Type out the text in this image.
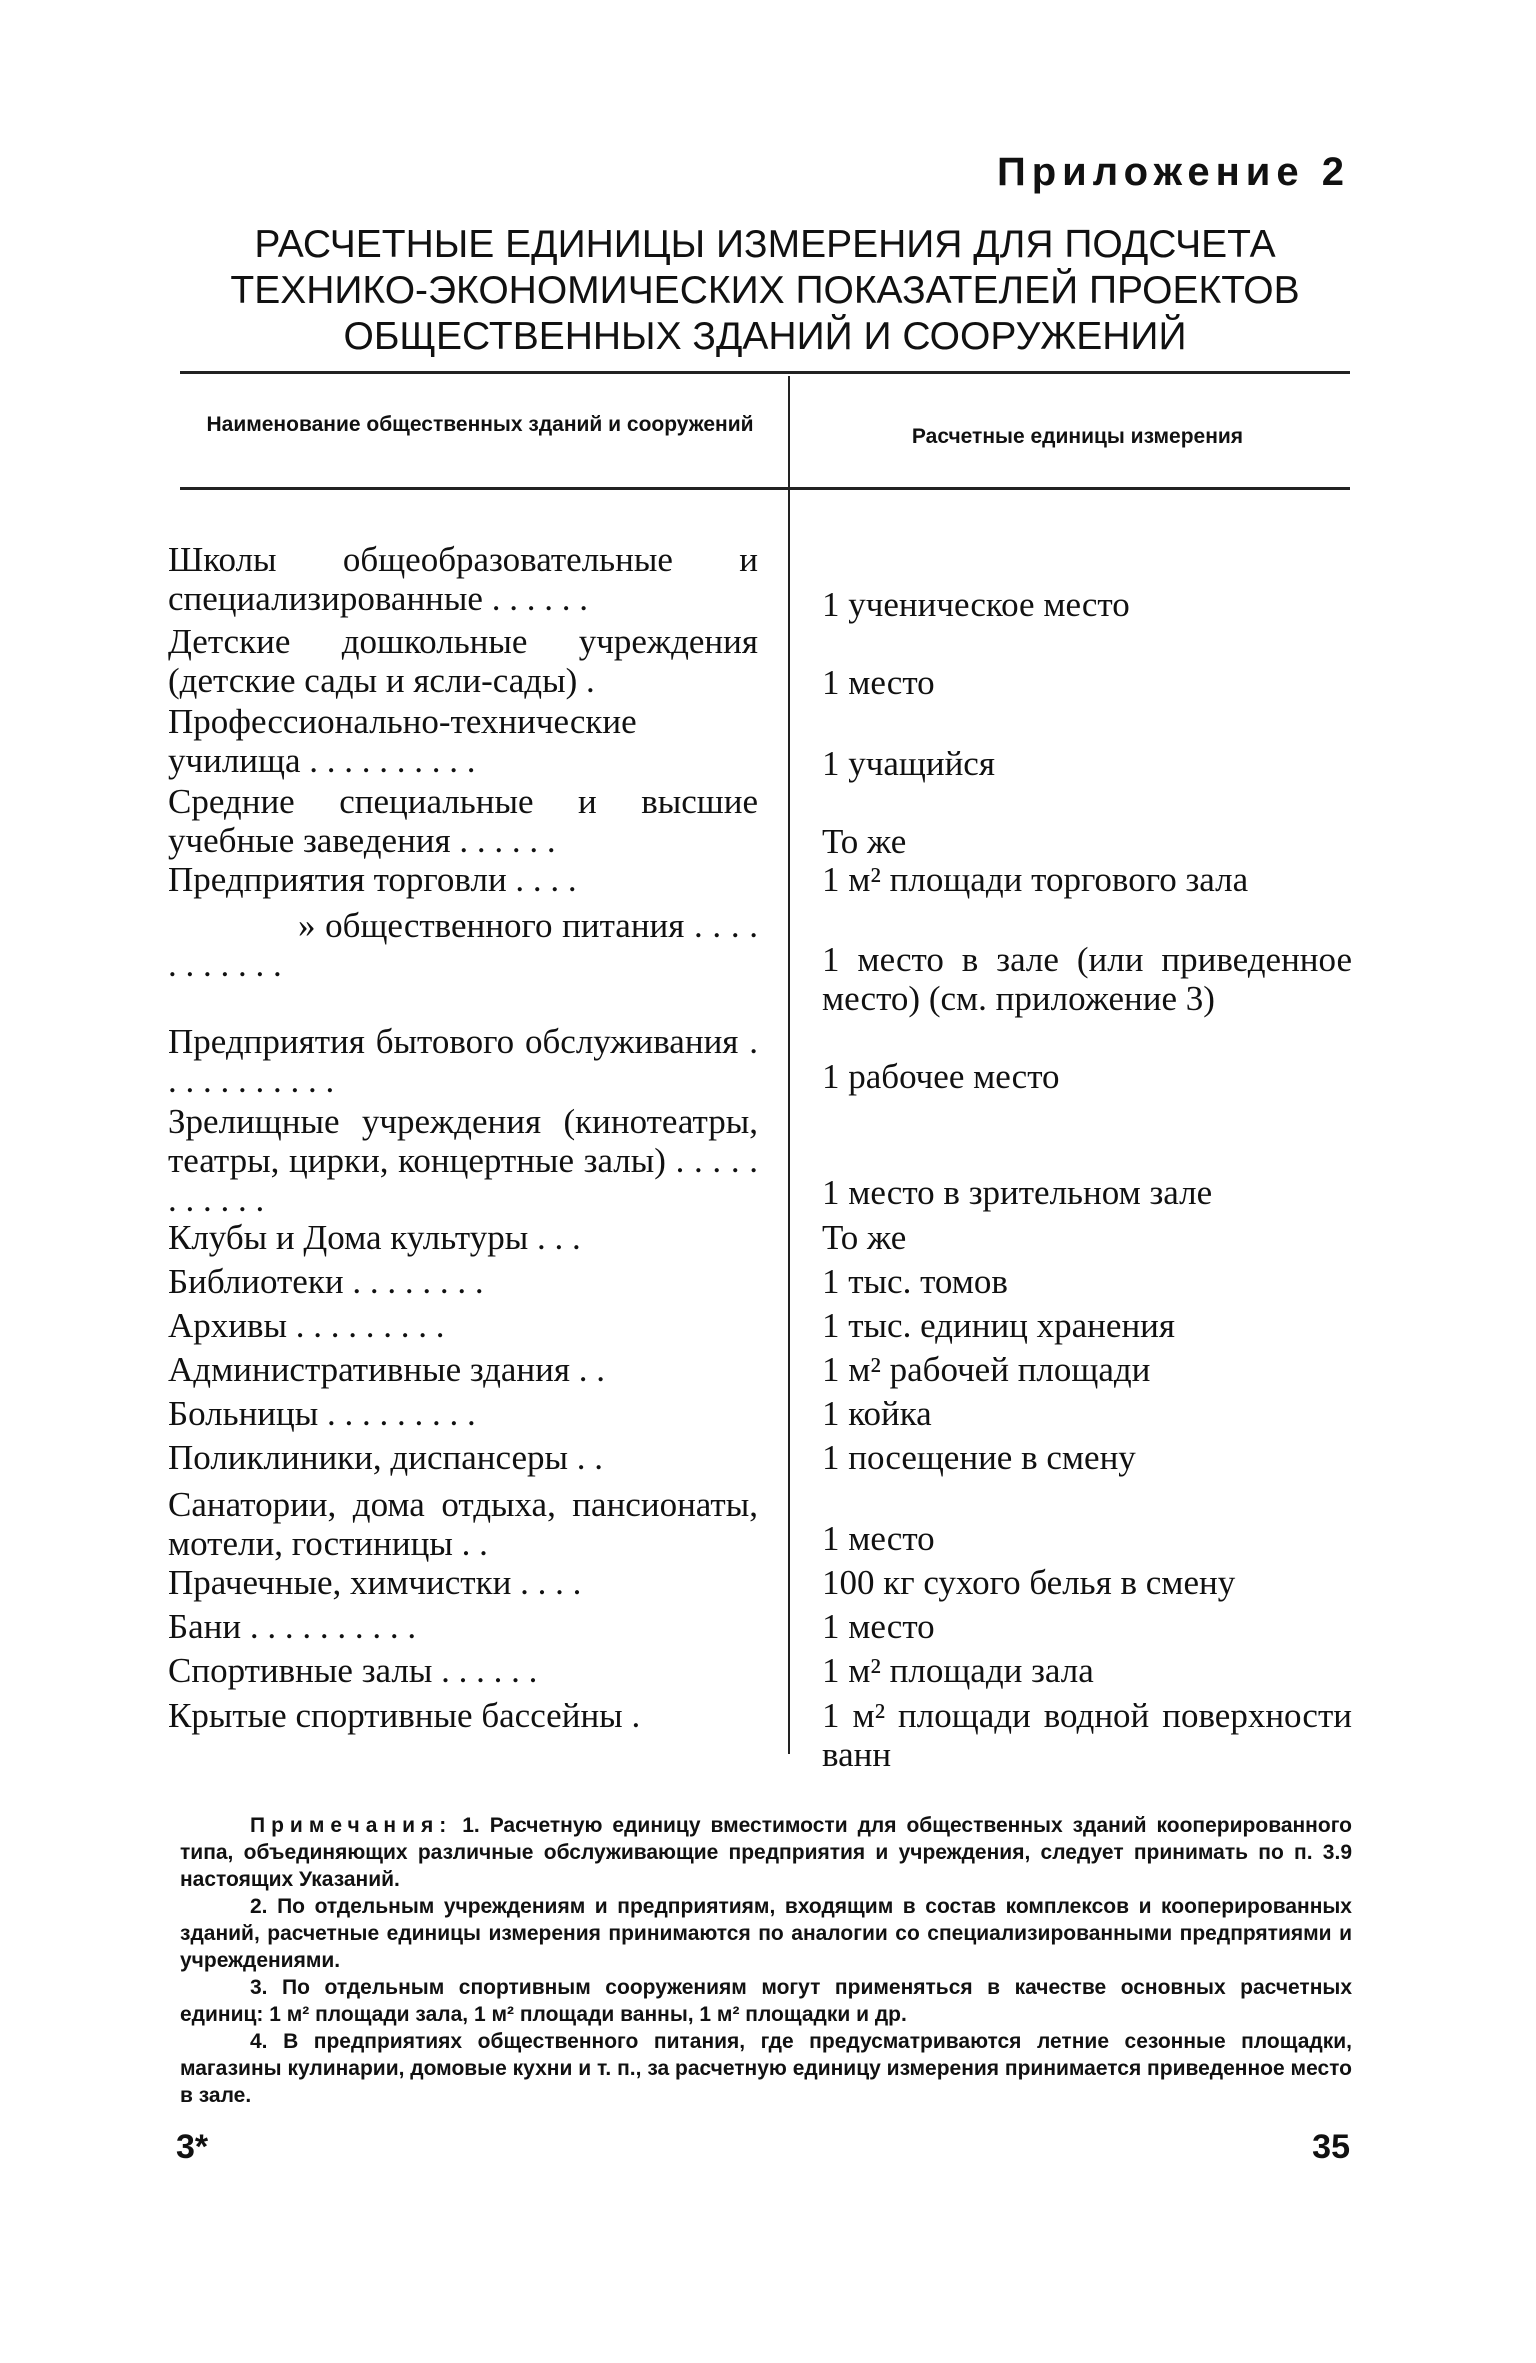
Приложение 2
РАСЧЕТНЫЕ ЕДИНИЦЫ ИЗМЕРЕНИЯ ДЛЯ ПОДСЧЕТА
ТЕХНИКО-ЭКОНОМИЧЕСКИХ ПОКАЗАТЕЛЕЙ ПРОЕКТОВ
ОБЩЕСТВЕННЫХ ЗДАНИЙ И СООРУЖЕНИЙ
Наименование общественных зданий и сооружений
Расчетные единицы измерения
Школы общеобразовательные и специализированные . . . . . .	1 ученическое место
Детские дошкольные учреждения (детские сады и ясли-сады) .	1 место
Профессионально-технические училища . . . . . . . . . .	1 учащийся
Средние специальные и высшие учебные заведения . . . . . .	То же
Предприятия торговли . . . .	1 м² площади торгового зала
» общественного питания . . . . . . . . . . .	1 место в зале (или приведенное место) (см. приложение 3)
Предприятия бытового обслуживания . . . . . . . . . . .	1 рабочее место
Зрелищные учреждения (кинотеатры, театры, цирки, концертные залы) . . . . . . . . . . .	1 место в зрительном зале
Клубы и Дома культуры . . .	То же
Библиотеки . . . . . . . .	1 тыс. томов
Архивы . . . . . . . . .	1 тыс. единиц хранения
Административные здания . .	1 м² рабочей площади
Больницы . . . . . . . . .	1 койка
Поликлиники, диспансеры . .	1 посещение в смену
Санатории, дома отдыха, пансионаты, мотели, гостиницы . .	1 место
Прачечные, химчистки . . . .	100 кг сухого белья в смену
Бани . . . . . . . . . .	1 место
Спортивные залы . . . . . .	1 м² площади зала
Крытые спортивные бассейны .	1 м² площади водной поверхности ванн

Примечания: 1. Расчетную единицу вместимости для общественных зданий кооперированного типа, объединяющих различные обслуживающие предприятия и учреждения, следует принимать по п. 3.9 настоящих Указаний.

2. По отдельным учреждениям и предприятиям, входящим в состав комплексов и кооперированных зданий, расчетные единицы измерения принимаются по аналогии со специализированными предпрятиями и учреждениями.

3. По отдельным спортивным сооружениям могут применяться в качестве основных расчетных единиц: 1 м² площади зала, 1 м² площади ванны, 1 м² площадки и др.

4. В предприятиях общественного питания, где предусматриваются летние сезонные площадки, магазины кулинарии, домовые кухни и т. п., за расчетную единицу измерения принимается приведенное место в зале.

3*	35
